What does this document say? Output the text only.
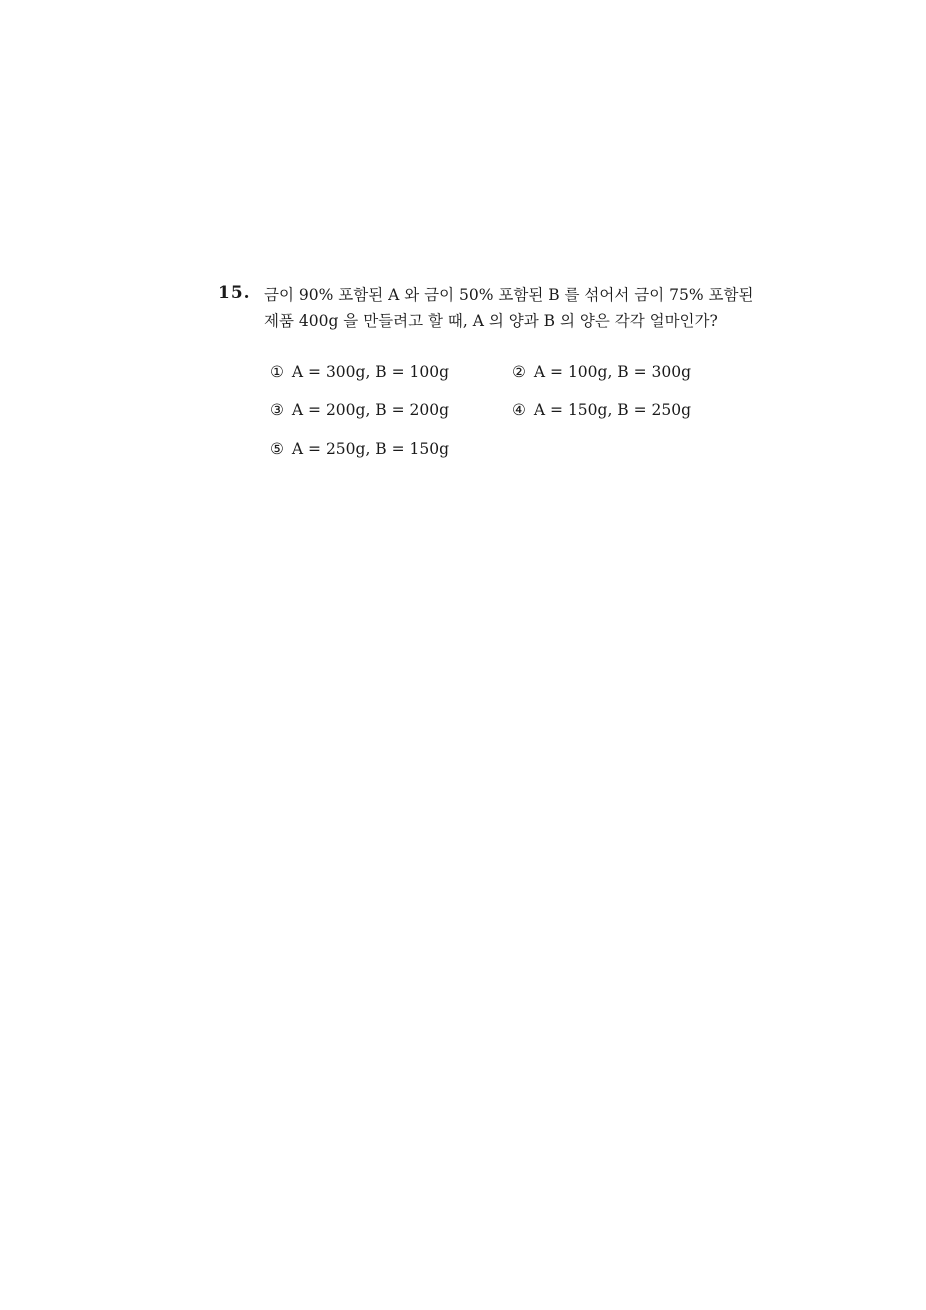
15. 금이 90% 포함된 A 와 금이 50% 포함된 B 를 섞어서 금이 75% 포함된
제품 400g 을 만들려고 할 때, A 의 양과 B 의 양은 각각 얼마인가?
① A = 300g, B = 100g	② A = 100g, B = 300g
③ A = 200g, B = 200g	④ A = 150g, B = 250g
⑤ A = 250g, B = 150g
